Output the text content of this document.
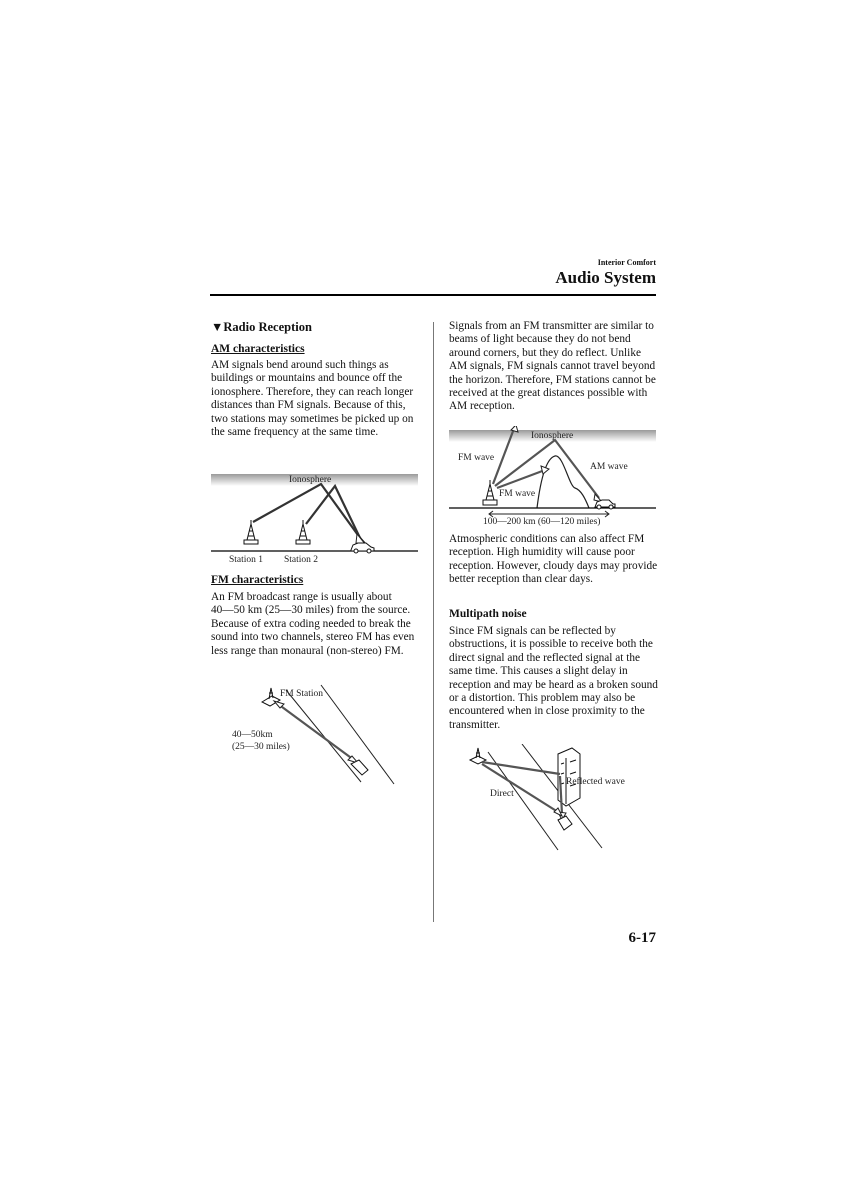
Interior Comfort
Audio System
▼Radio Reception

AM characteristics

AM signals bend around such things as buildings or mountains and bounce off the ionosphere. Therefore, they can reach longer distances than FM signals. Because of this, two stations may sometimes be picked up on the same frequency at the same time.

Ionosphere
Station 1 Station 2

FM characteristics

An FM broadcast range is usually about 40―50 km (25―30 miles) from the source. Because of extra coding needed to break the sound into two channels, stereo FM has even less range than monaural (non-stereo) FM.

FM Station
40―50km
(25―30 miles)

Signals from an FM transmitter are similar to beams of light because they do not bend around corners, but they do reflect. Unlike AM signals, FM signals cannot travel beyond the horizon. Therefore, FM stations cannot be received at the great distances possible with AM reception.

Ionosphere
FM wave
AM wave
FM wave
100―200 km (60―120 miles)

Atmospheric conditions can also affect FM reception. High humidity will cause poor reception. However, cloudy days may provide better reception than clear days.

Multipath noise

Since FM signals can be reflected by obstructions, it is possible to receive both the direct signal and the reflected signal at the same time. This causes a slight delay in reception and may be heard as a broken sound or a distortion. This problem may also be encountered when in close proximity to the transmitter.

Reflected wave
Direct
6-17
